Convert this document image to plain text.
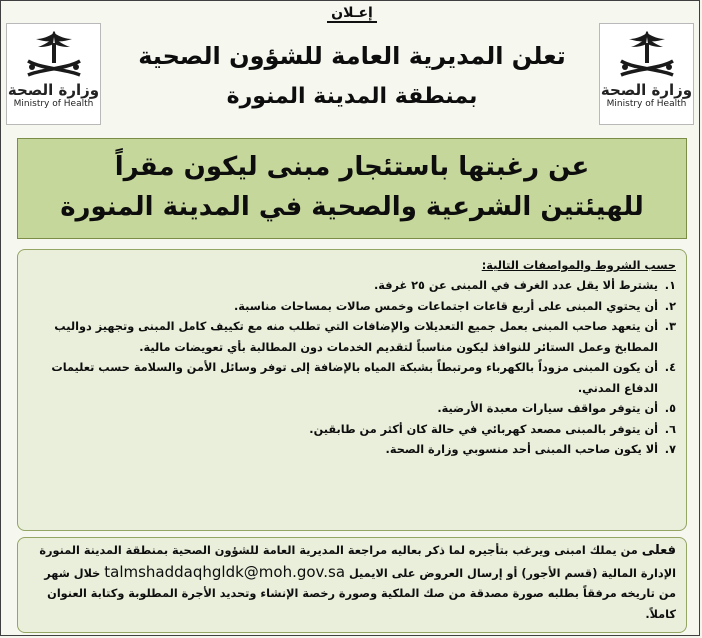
إعـلان
تعلن المديرية العامة للشؤون الصحية
بمنطقة المدينة المنورة
وزارة الصحة
Ministry of Health
وزارة الصحة
Ministry of Health
عن رغبتها باستئجار مبنى ليكون مقراً
للهيئتين الشرعية والصحية في المدينة المنورة
حسب الشروط والمواصفات التالية:
١.
يشترط ألا يقل عدد الغرف في المبنى عن ٢٥ غرفة.
٢.
أن يحتوي المبنى على أربع قاعات اجتماعات وخمس صالات بمساحات مناسبة.
٣.
أن يتعهد صاحب المبنى بعمل جميع التعديلات والإضافات التي تطلب منه مع تكييف كامل المبنى وتجهيز دواليب المطابخ وعمل الستائر للنوافذ ليكون مناسباً لتقديم الخدمات دون المطالبة بأي تعويضات مالية.
٤.
أن يكون المبنى مزوداً بالكهرباء ومرتبطاً بشبكة المياه بالإضافة إلى توفر وسائل الأمن والسلامة حسب تعليمات الدفاع المدني.
٥.
أن يتوفر مواقف سيارات معبدة الأرضية.
٦.
أن يتوفر بالمبنى مصعد كهربائي في حالة كان أكثر من طابقين.
٧.
ألا يكون صاحب المبنى أحد منسوبي وزارة الصحة.
فعلى من يملك امبنى ويرغب بتأجيره لما ذكر بعاليه مراجعة المديرية العامة للشؤون الصحية بمنطقة المدينة المنورة الإدارة المالية (قسم الأجور) أو إرسال العروض على الايميل talmshaddaqhgldk@moh.gov.sa خلال شهر من تاريخه مرفقاً بطلبه صورة مصدقة من صك الملكية وصورة رخصة الإنشاء وتحديد الأجرة المطلوبة وكتابة العنوان كاملاً.
